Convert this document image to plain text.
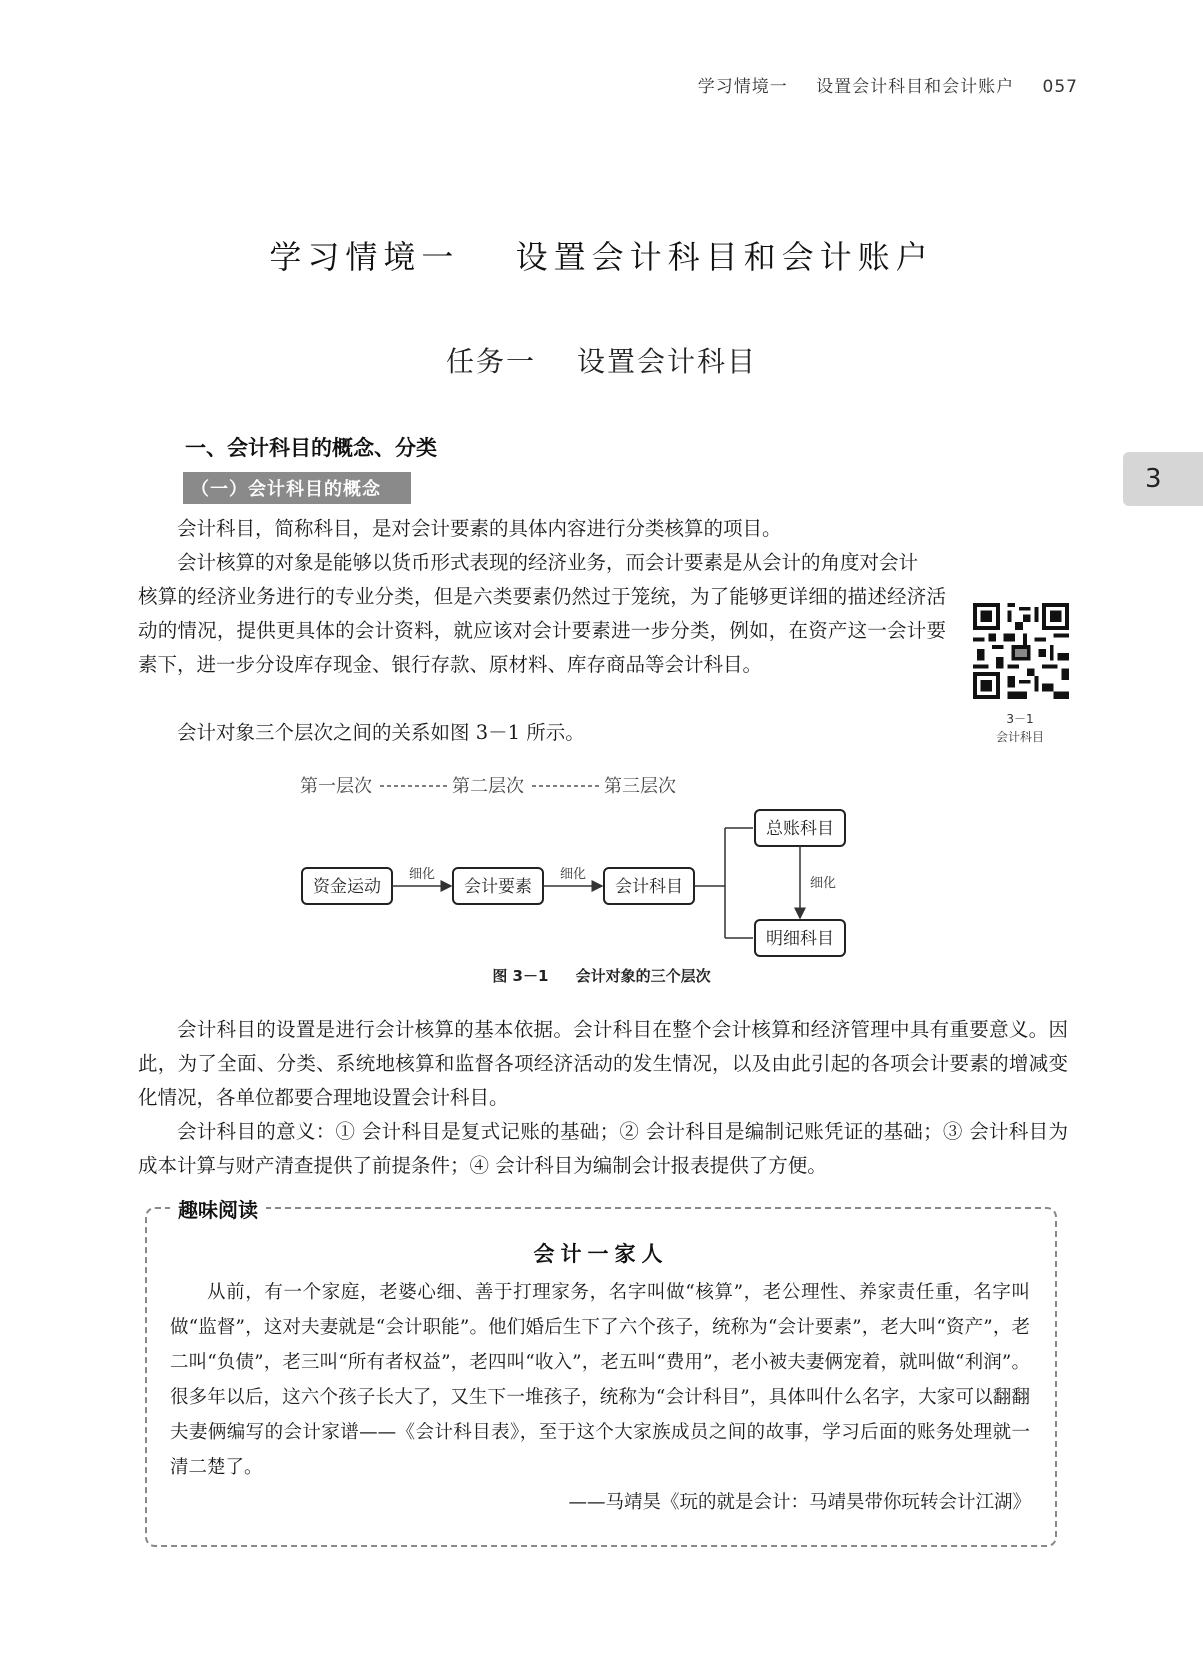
学习情境一 设置会计科目和会计账户 057
3
学习情境一 设置会计科目和会计账户
任务一 设置会计科目
一、会计科目的概念、分类
（一）会计科目的概念

会计科目，简称科目，是对会计要素的具体内容进行分类核算的项目。

会计核算的对象是能够以货币形式表现的经济业务，而会计要素是从会计的角度对会计

核算的经济业务进行的专业分类，但是六类要素仍然过于笼统，为了能够更详细的描述经济活动的情况，提供更具体的会计资料，就应该对会计要素进一步分类，例如，在资产这一会计要素下，进一步分设库存现金、银行存款、原材料、库存商品等会计科目。
3－1
会计科目

会计对象三个层次之间的关系如图 3－1 所示。

第一层次	第二层次	第三层次
资金运动	会计要素	会计科目
总账科目
明细科目
细化	细化
细化
图 3－1 会计对象的三个层次

会计科目的设置是进行会计核算的基本依据。会计科目在整个会计核算和经济管理中具有重要意义。因此，为了全面、分类、系统地核算和监督各项经济活动的发生情况，以及由此引起的各项会计要素的增减变化情况，各单位都要合理地设置会计科目。

会计科目的意义：① 会计科目是复式记账的基础；② 会计科目是编制记账凭证的基础；③ 会计科目为成本计算与财产清查提供了前提条件；④ 会计科目为编制会计报表提供了方便。

趣味阅读
会计一家人

从前，有一个家庭，老婆心细、善于打理家务，名字叫做“核算”，老公理性、养家责任重，名字叫做“监督”，这对夫妻就是“会计职能”。他们婚后生下了六个孩子，统称为“会计要素”，老大叫“资产”，老二叫“负债”，老三叫“所有者权益”，老四叫“收入”，老五叫“费用”，老小被夫妻俩宠着，就叫做“利润”。很多年以后，这六个孩子长大了，又生下一堆孩子，统称为“会计科目”，具体叫什么名字，大家可以翻翻夫妻俩编写的会计家谱——《会计科目表》，至于这个大家族成员之间的故事，学习后面的账务处理就一清二楚了。

——马靖昊《玩的就是会计：马靖昊带你玩转会计江湖》
